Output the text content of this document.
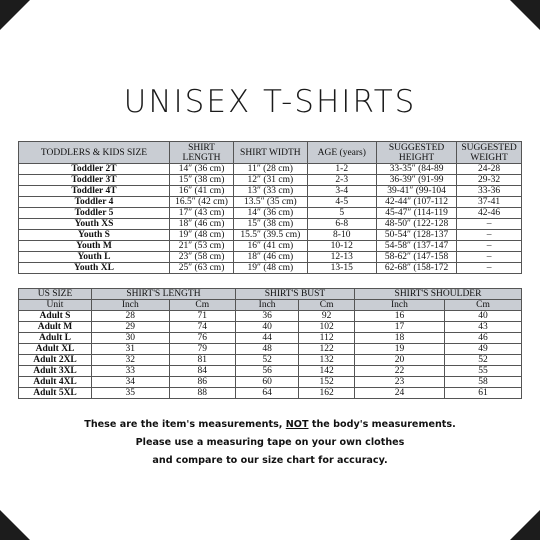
UNISEX T-SHIRTS
TODDLERS & KIDS SIZE	SHIRT LENGTH	SHIRT WIDTH	AGE (years)	SUGGESTED HEIGHT	SUGGESTED WEIGHT
Toddler 2T	14″ (36 cm)	11″ (28 cm)	1-2	33-35″ (84-89	24-28
Toddler 3T	15″ (38 cm)	12″ (31 cm)	2-3	36-39″ (91-99	29-32
Toddler 4T	16″ (41 cm)	13″ (33 cm)	3-4	39-41″ (99-104	33-36
Toddler 4	16.5″ (42 cm)	13.5″ (35 cm)	4-5	42-44″ (107-112	37-41
Toddler 5	17″ (43 cm)	14″ (36 cm)	5	45-47″ (114-119	42-46
Youth XS	18″ (46 cm)	15″ (38 cm)	6-8	48-50″ (122-128	–
Youth S	19″ (48 cm)	15.5″ (39.5 cm)	8-10	50-54″ (128-137	–
Youth M	21″ (53 cm)	16″ (41 cm)	10-12	54-58″ (137-147	–
Youth L	23″ (58 cm)	18″ (46 cm)	12-13	58-62″ (147-158	–
Youth XL	25″ (63 cm)	19″ (48 cm)	13-15	62-68″ (158-172	–
US SIZE	SHIRT'S LENGTH		SHIRT'S BUST		SHIRT'S SHOULDER	
Unit	Inch	Cm	Inch	Cm	Inch	Cm
Adult S	28	71	36	92	16	40
Adult M	29	74	40	102	17	43
Adult L	30	76	44	112	18	46
Adult XL	31	79	48	122	19	49
Adult 2XL	32	81	52	132	20	52
Adult 3XL	33	84	56	142	22	55
Adult 4XL	34	86	60	152	23	58
Adult 5XL	35	88	64	162	24	61
These are the item's measurements, NOT the body's measurements.
Please use a measuring tape on your own clothes
and compare to our size chart for accuracy.
